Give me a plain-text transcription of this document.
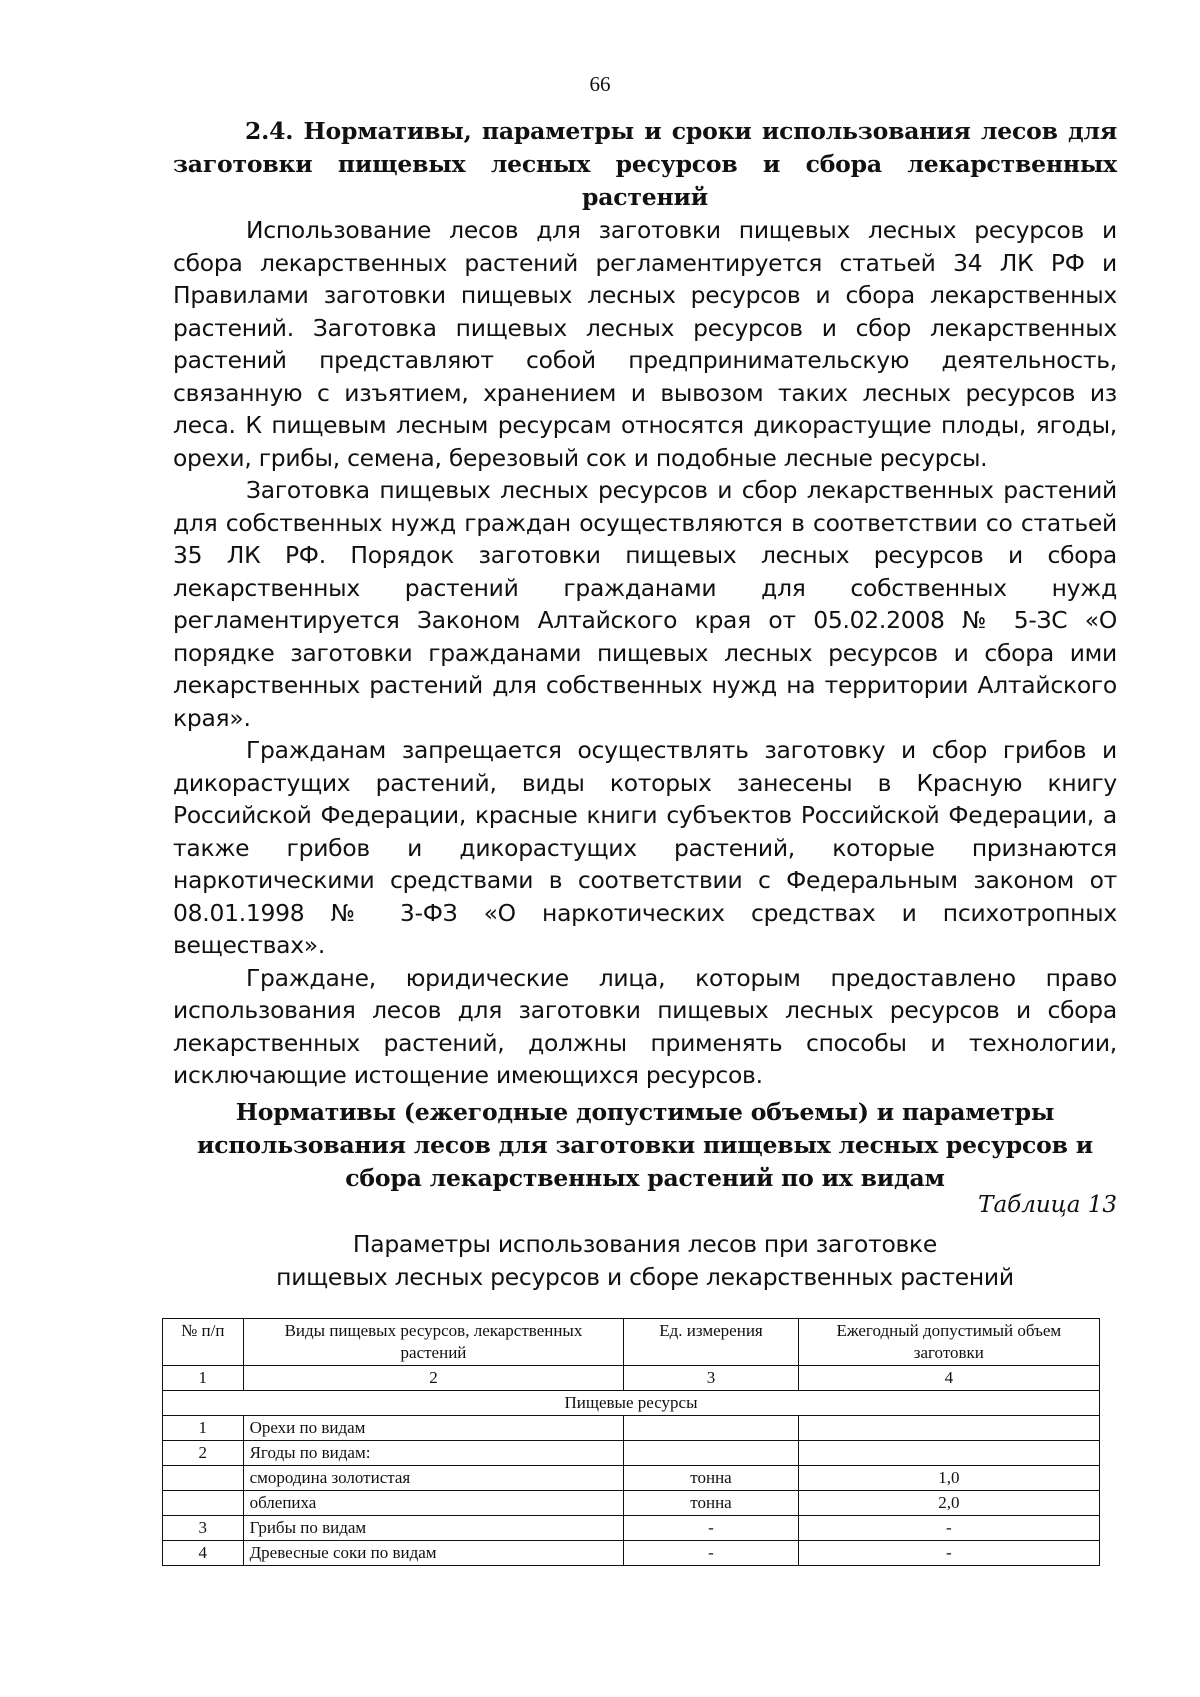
66
2.4. Нормативы, параметры и сроки использования лесов для заготовки пищевых лесных ресурсов и сбора лекарственных растений

Использование лесов для заготовки пищевых лесных ресурсов и сбора лекарственных растений регламентируется статьей 34 ЛК РФ и Правилами заготовки пищевых лесных ресурсов и сбора лекарственных растений. Заготовка пищевых лесных ресурсов и сбор лекарственных растений представляют собой предпринимательскую деятельность, связанную с изъятием, хранением и вывозом таких лесных ресурсов из леса. К пищевым лесным ресурсам относятся дикорастущие плоды, ягоды, орехи, грибы, семена, березовый сок и подобные лесные ресурсы.

Заготовка пищевых лесных ресурсов и сбор лекарственных растений для собственных нужд граждан осуществляются в соответствии со статьей 35 ЛК РФ. Порядок заготовки пищевых лесных ресурсов и сбора лекарственных растений гражданами для собственных нужд регламентируется Законом Алтайского края от 05.02.2008 № 5-ЗС «О порядке заготовки гражданами пищевых лесных ресурсов и сбора ими лекарственных растений для собственных нужд на территории Алтайского края».

Гражданам запрещается осуществлять заготовку и сбор грибов и дикорастущих растений, виды которых занесены в Красную книгу Российской Федерации, красные книги субъектов Российской Федерации, а также грибов и дикорастущих растений, которые признаются наркотическими средствами в соответствии с Федеральным законом от 08.01.1998 № 3-ФЗ «О наркотических средствах и психотропных веществах».

Граждане, юридические лица, которым предоставлено право использования лесов для заготовки пищевых лесных ресурсов и сбора лекарственных растений, должны применять способы и технологии, исключающие истощение имеющихся ресурсов.

Нормативы (ежегодные допустимые объемы) и параметры использования лесов для заготовки пищевых лесных ресурсов и сбора лекарственных растений по их видам
Таблица 13
Параметры использования лесов при заготовке
пищевых лесных ресурсов и сборе лекарственных растений
№ п/п	Виды пищевых ресурсов, лекарственных растений	Ед. измерения	Ежегодный допустимый объем заготовки
1	2	3	4
Пищевые ресурсы			
1	Орехи по видам		
2	Ягоды по видам:		
	смородина золотистая	тонна	1,0
	облепиха	тонна	2,0
3	Грибы по видам	-	-
4	Древесные соки по видам	-	-
